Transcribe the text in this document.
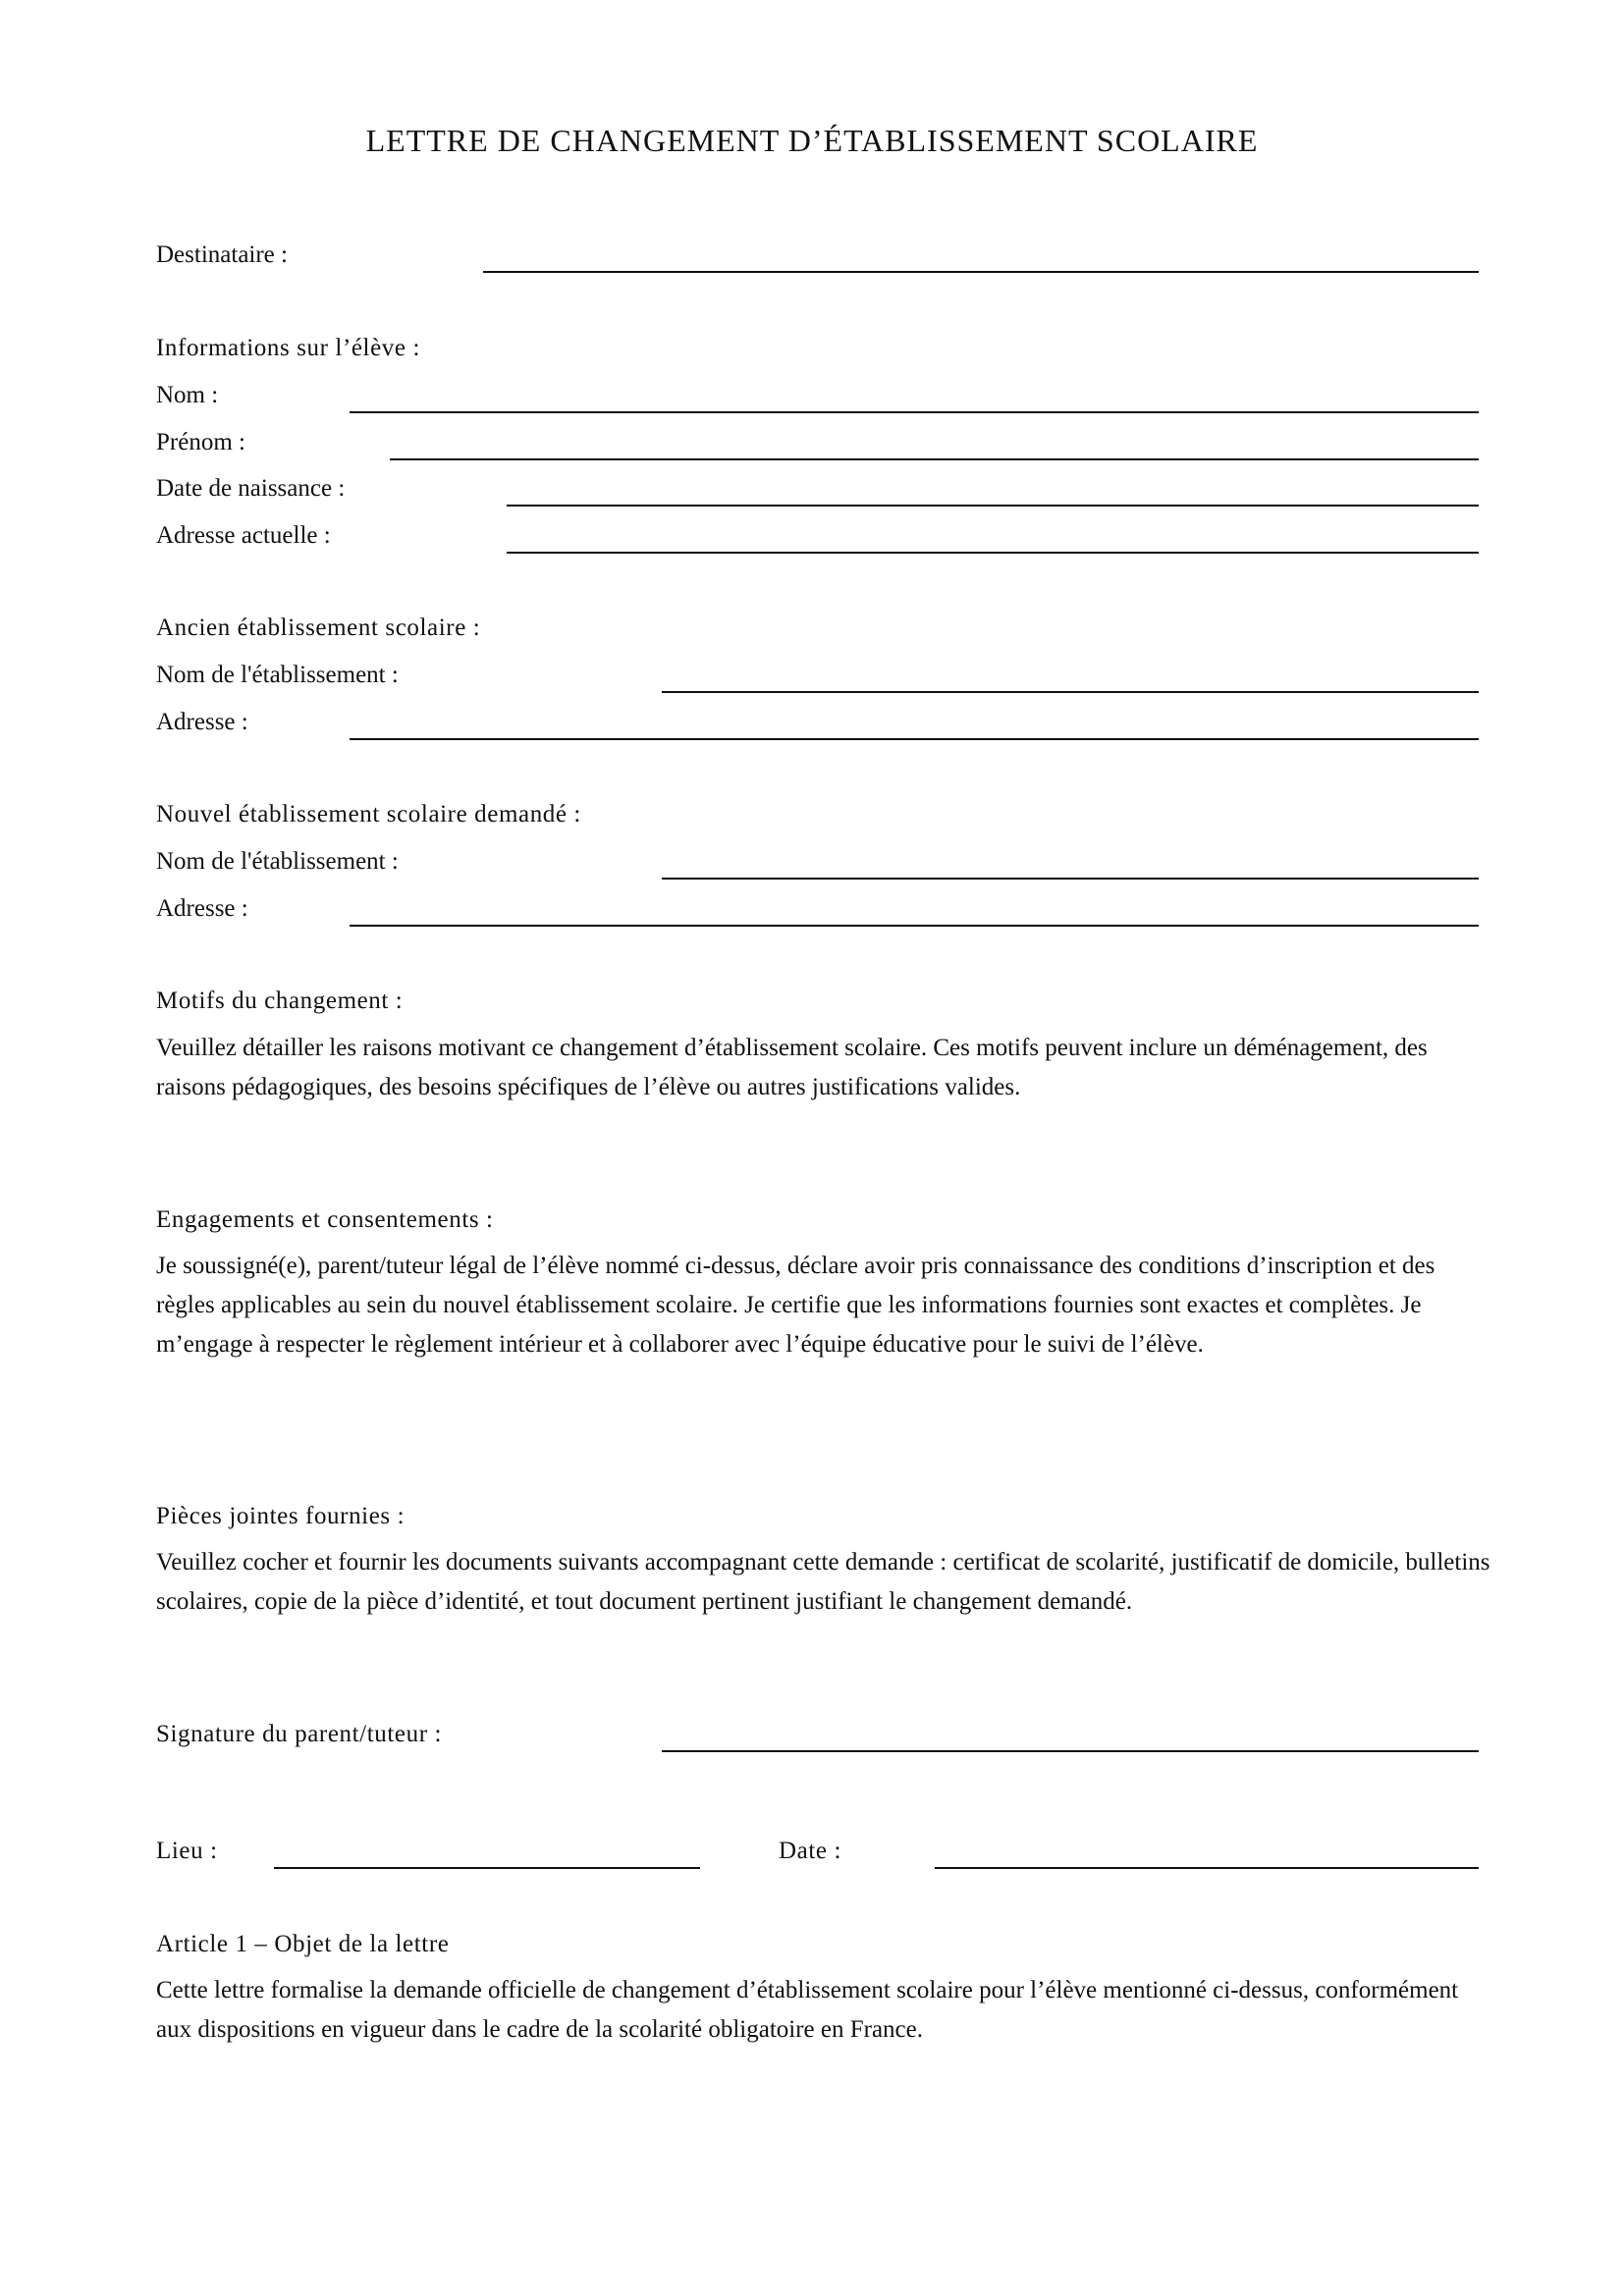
LETTRE DE CHANGEMENT D’ÉTABLISSEMENT SCOLAIRE
Destinataire :
Informations sur l’élève :
Nom :
Prénom :
Date de naissance :
Adresse actuelle :
Ancien établissement scolaire :
Nom de l'établissement :
Adresse :
Nouvel établissement scolaire demandé :
Nom de l'établissement :
Adresse :
Motifs du changement :
Veuillez détailler les raisons motivant ce changement d’établissement scolaire. Ces motifs peuvent inclure un déménagement, des raisons pédagogiques, des besoins spécifiques de l’élève ou autres justifications valides.
Engagements et consentements :
Je soussigné(e), parent/tuteur légal de l’élève nommé ci-dessus, déclare avoir pris connaissance des conditions d’inscription et des règles applicables au sein du nouvel établissement scolaire. Je certifie que les informations fournies sont exactes et complètes. Je m’engage à respecter le règlement intérieur et à collaborer avec l’équipe éducative pour le suivi de l’élève.
Pièces jointes fournies :
Veuillez cocher et fournir les documents suivants accompagnant cette demande : certificat de scolarité, justificatif de domicile, bulletins scolaires, copie de la pièce d’identité, et tout document pertinent justifiant le changement demandé.
Signature du parent/tuteur :
Lieu :	Date :
Article 1 – Objet de la lettre
Cette lettre formalise la demande officielle de changement d’établissement scolaire pour l’élève mentionné ci-dessus, conformément aux dispositions en vigueur dans le cadre de la scolarité obligatoire en France.
